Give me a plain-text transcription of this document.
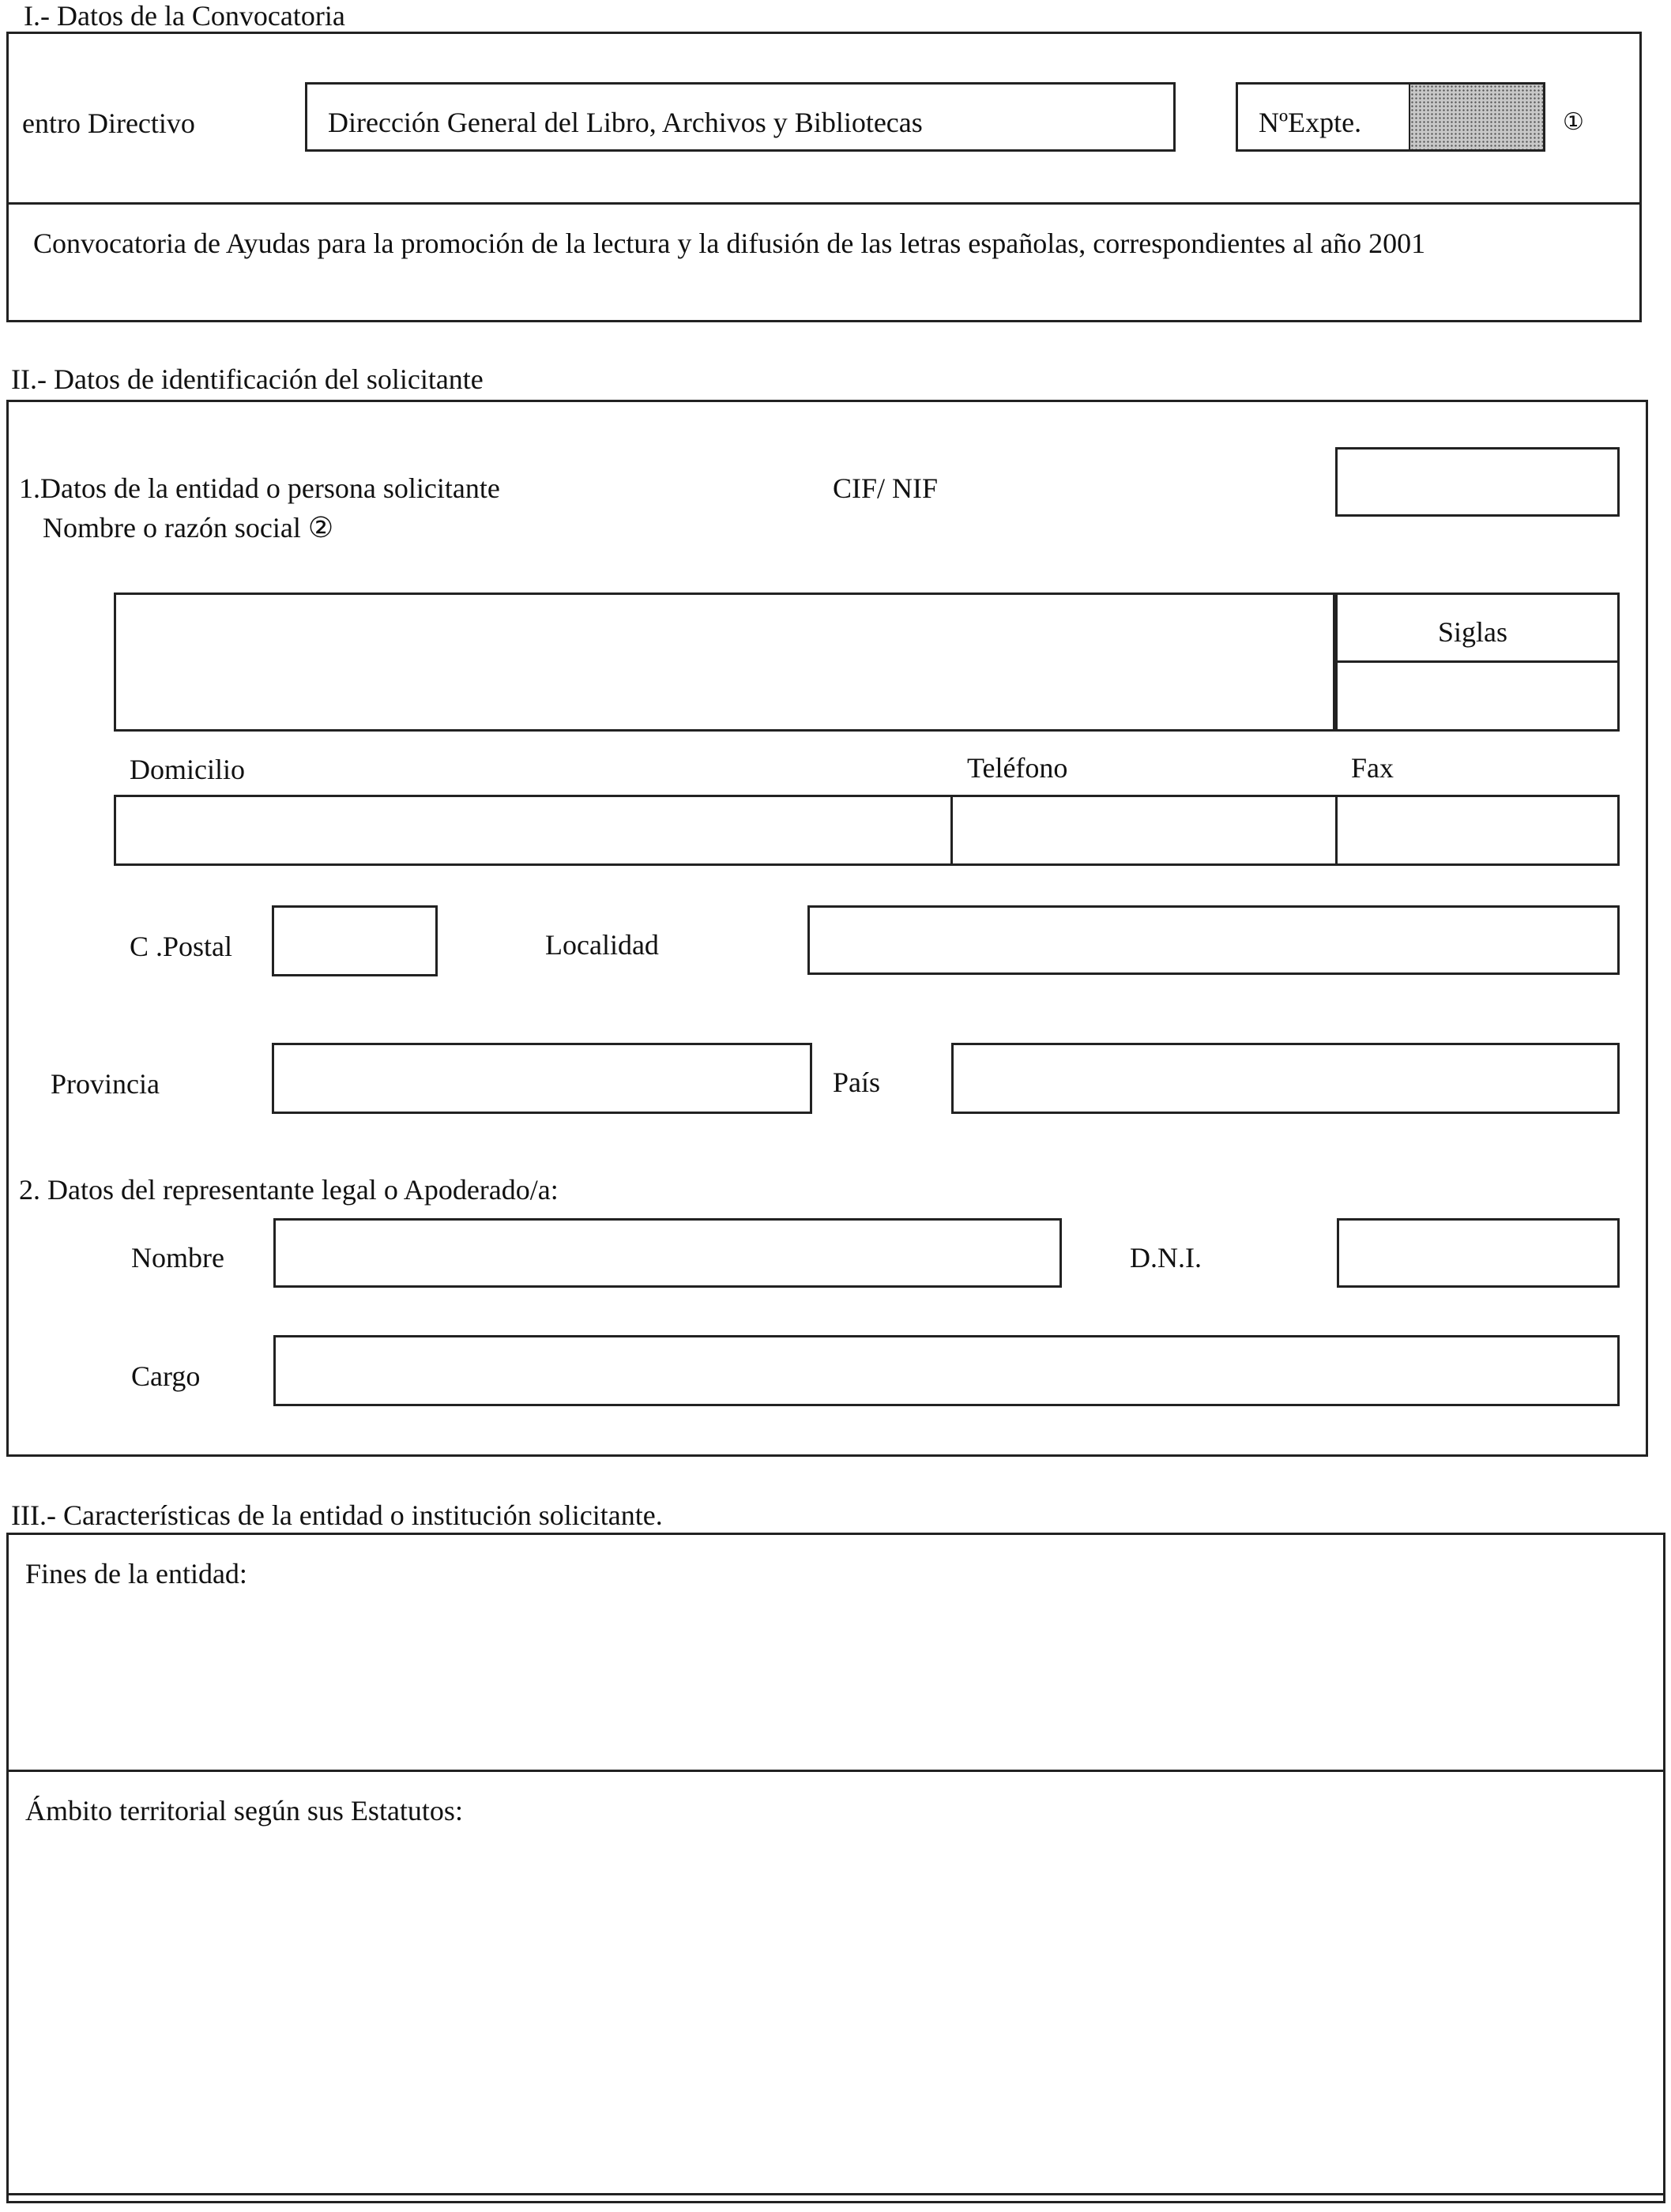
I.- Datos de la Convocatoria
entro Directivo	Dirección General del Libro, Archivos y Bibliotecas	NºExpte.	①
Convocatoria de Ayudas para la promoción de la lectura y la difusión de las letras españolas, correspondientes al año 2001
II.- Datos de identificación del solicitante
1.Datos de la entidad o persona solicitante
Nombre o razón social ②
CIF/ NIF
Siglas
Domicilio	Teléfono	Fax
C .Postal	Localidad
Provincia	País
2. Datos del representante legal o Apoderado/a:
Nombre	D.N.I.
Cargo
III.- Características de la entidad o institución solicitante.
Fines de la entidad:
Ámbito territorial según sus Estatutos:
